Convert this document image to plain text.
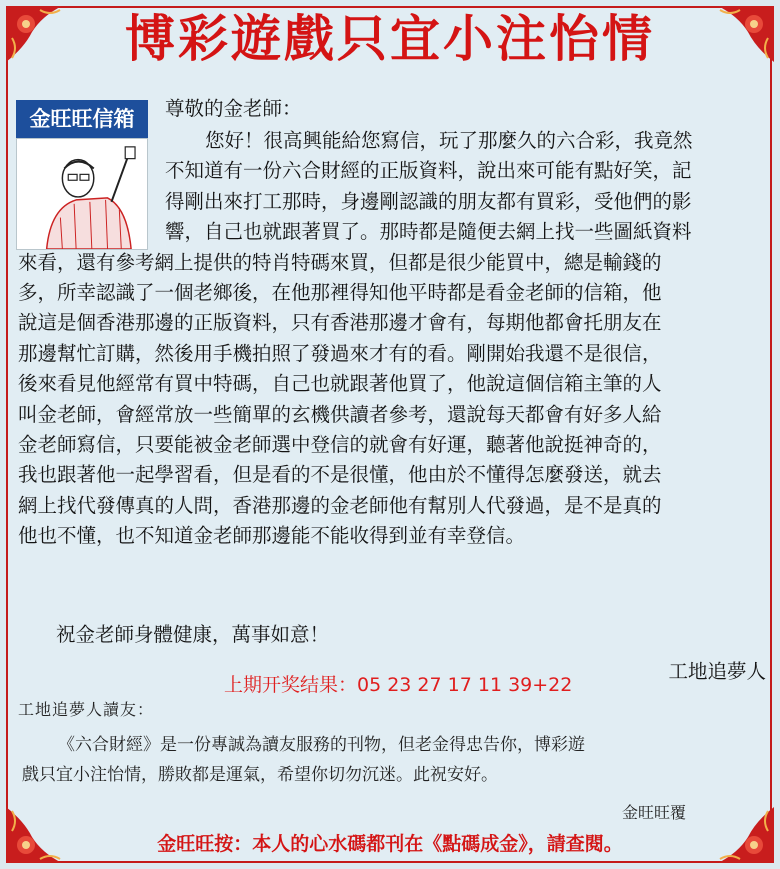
博彩遊戲只宜小注怡情
金旺旺信箱	尊敬的金老師：
您好！很高興能給您寫信，玩了那麼久的六合彩，我竟然
不知道有一份六合財經的正版資料，說出來可能有點好笑，記
得剛出來打工那時，身邊剛認識的朋友都有買彩，受他們的影
響，自己也就跟著買了。那時都是隨便去網上找一些圖紙資料
來看，還有參考網上提供的特肖特碼來買，但都是很少能買中，總是輸錢的
多，所幸認識了一個老鄉後，在他那裡得知他平時都是看金老師的信箱，他
說這是個香港那邊的正版資料，只有香港那邊才會有，每期他都會托朋友在
那邊幫忙訂購，然後用手機拍照了發過來才有的看。剛開始我還不是很信，
後來看見他經常有買中特碼，自己也就跟著他買了，他說這個信箱主筆的人
叫金老師，會經常放一些簡單的玄機供讀者參考，還說每天都會有好多人給
金老師寫信，只要能被金老師選中登信的就會有好運，聽著他說挺神奇的，
我也跟著他一起學習看，但是看的不是很懂，他由於不懂得怎麼發送，就去
網上找代發傳真的人問，香港那邊的金老師他有幫別人代發過，是不是真的
他也不懂，也不知道金老師那邊能不能收得到並有幸登信。
祝金老師身體健康，萬事如意！
工地追夢人
上期开奖结果：05 23 27 17 11 39+22
工地追夢人讀友：
《六合財經》是一份專誠為讀友服務的刊物，但老金得忠告你，博彩遊
戲只宜小注怡情，勝敗都是運氣，希望你切勿沉迷。此祝安好。
金旺旺覆
金旺旺按：本人的心水碼都刊在《點碼成金》，請查閱。
